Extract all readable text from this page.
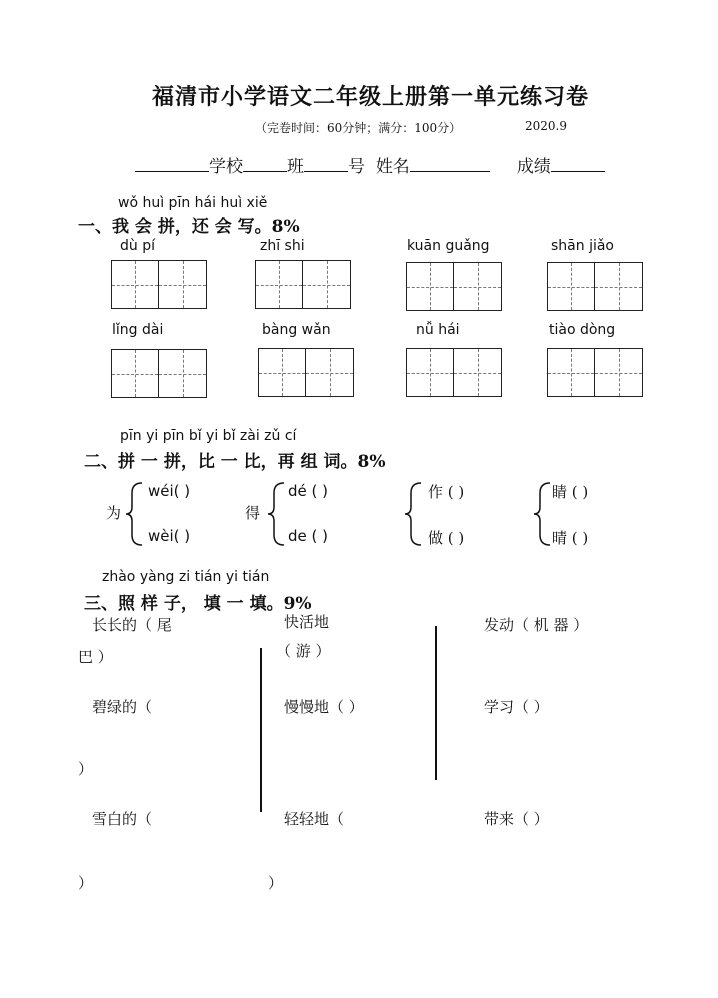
福清市小学语文二年级上册第一单元练习卷
（完卷时间：60分钟；满分：100分）	2020.9
学校	班	号 姓名	成绩
wǒ huì pīn hái huì xiě
一、我 会 拼，还 会 写。8%
dù pí	zhī shi	kuān guǎng	shān jiǎo
lǐng dài	bàng wǎn	nǚ hái	tiào dòng
pīn yi pīn bǐ yi bǐ zài zǔ cí
二、拼 一 拼，比 一 比，再 组 词。8%
为
wéi( )
wèi( )
得
dé ( )
de ( )
作 ( )
做 ( )
睛 ( )
晴 ( )
zhào yàng zi tián yi tián
三、照 样 子， 填 一 填。9%
长长的（ 尾
巴 ）
碧绿的（
）
雪白的（
）
快活地
（ 游 ）
慢慢地（ ）
轻轻地（
）
发动（ 机 器 ）
学习（ ）
带来（ ）
